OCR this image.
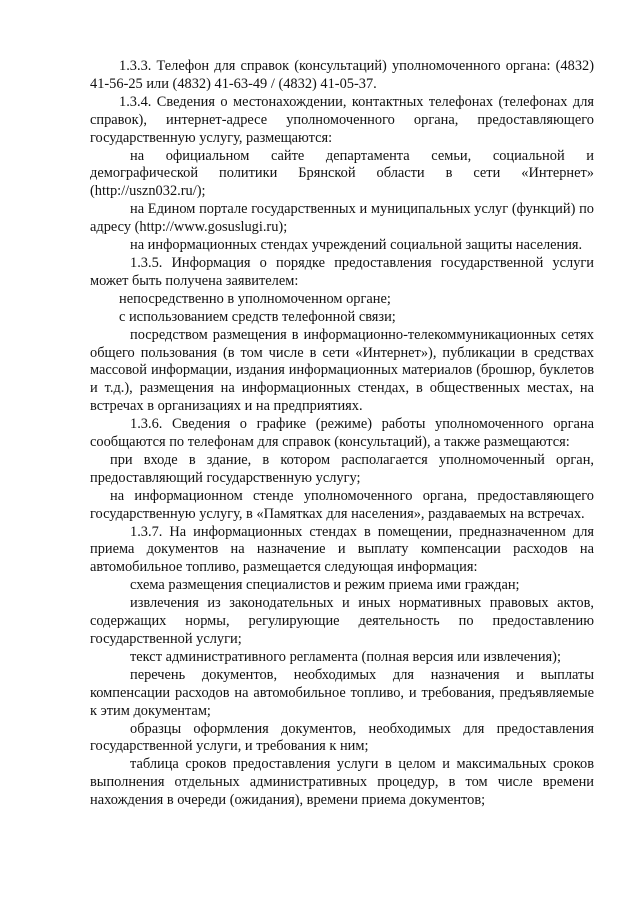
1.3.3. Телефон для справок (консультаций) уполномоченного органа: (4832) 41-56-25 или (4832) 41-63-49 / (4832) 41-05-37.

1.3.4. Сведения о местонахождении, контактных телефонах (телефонах для справок), интернет-адресе уполномоченного органа, предоставляющего государственную услугу, размещаются:

на официальном сайте департамента семьи, социальной и демографической политики Брянской области в сети «Интернет» (http://uszn032.ru/);

на Едином портале государственных и муниципальных услуг (функций) по адресу (http://www.gosuslugi.ru);

на информационных стендах учреждений социальной защиты населения.

1.3.5. Информация о порядке предоставления государственной услуги может быть получена заявителем:

непосредственно в уполномоченном органе;

с использованием средств телефонной связи;

посредством размещения в информационно-телекоммуникационных сетях общего пользования (в том числе в сети «Интернет»), публикации в средствах массовой информации, издания информационных материалов (брошюр, буклетов и т.д.), размещения на информационных стендах, в общественных местах, на встречах в организациях и на предприятиях.

1.3.6. Сведения о графике (режиме) работы уполномоченного органа сообщаются по телефонам для справок (консультаций), а также размещаются:

при входе в здание, в котором располагается уполномоченный орган, предоставляющий государственную услугу;

на информационном стенде уполномоченного органа, предоставляющего государственную услугу, в «Памятках для населения», раздаваемых на встречах.

1.3.7. На информационных стендах в помещении, предназначенном для приема документов на назначение и выплату компенсации расходов на автомобильное топливо, размещается следующая информация:

схема размещения специалистов и режим приема ими граждан;

извлечения из законодательных и иных нормативных правовых актов, содержащих нормы, регулирующие деятельность по предоставлению государственной услуги;

текст административного регламента (полная версия или извлечения);

перечень документов, необходимых для назначения и выплаты компенсации расходов на автомобильное топливо, и требования, предъявляемые к этим документам;

образцы оформления документов, необходимых для предоставления государственной услуги, и требования к ним;

таблица сроков предоставления услуги в целом и максимальных сроков выполнения отдельных административных процедур, в том числе времени нахождения в очереди (ожидания), времени приема документов;
